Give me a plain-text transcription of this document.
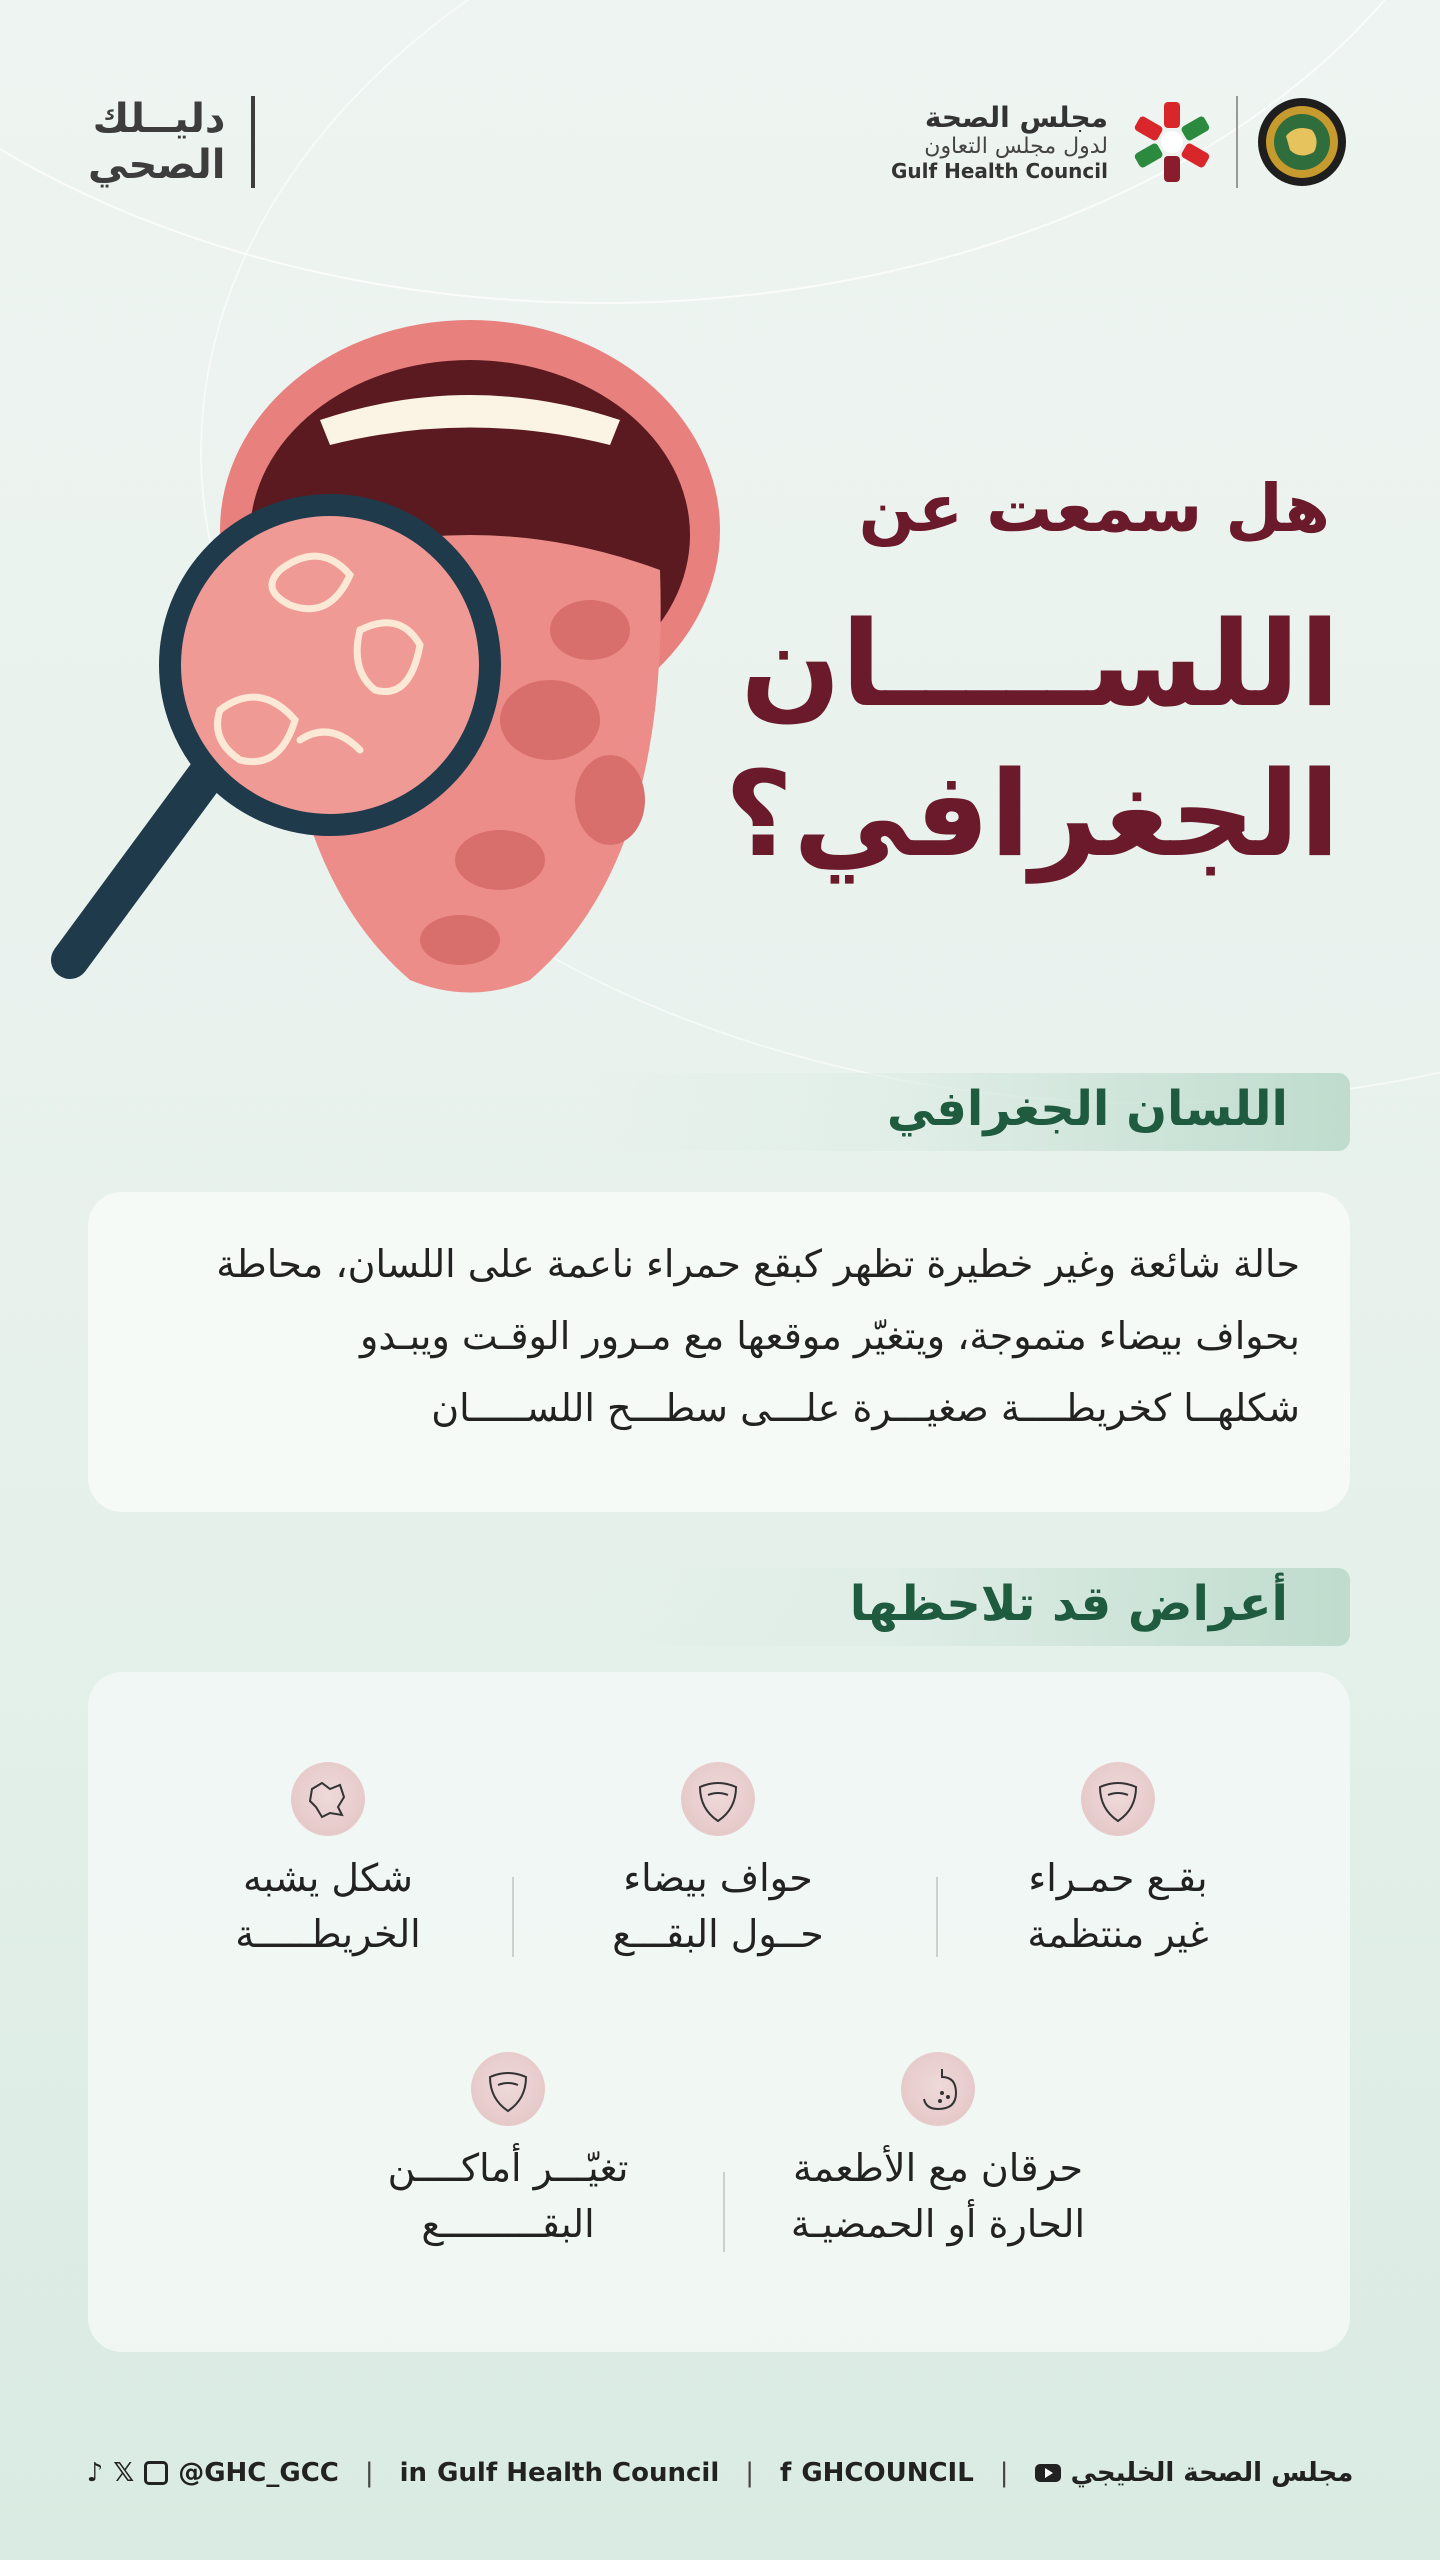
دليــلك
الصحي
مجلس الصحة
لدول مجلس التعاون
Gulf Health Council
هل سمعت عن
اللســـــان
الجغرافي؟
اللسان الجغرافي
حالة شائعة وغير خطيرة تظهر كبقع حمراء ناعمة على اللسان، محاطة
بحواف بيضاء متموجة، ويتغيّر موقعها مع مـرور الوقـت ويبـدو
شكلهــا كخريطــــة صغيـــرة علـــى سطـــح اللســـــان
أعراض قد تلاحظها
بقـع حمـراء
غير منتظمة
حواف بيضاء
حــول البقـــع
شكل يشبه
الخريطـــــة
حرقان مع الأطعمة
الحارة أو الحمضيـة
تغيّـــر أماكــــن
البقـــــــــع
♪ 𝕏 @GHC_GCC | in Gulf Health Council | f GHCOUNCIL | مجلس الصحة الخليجي
